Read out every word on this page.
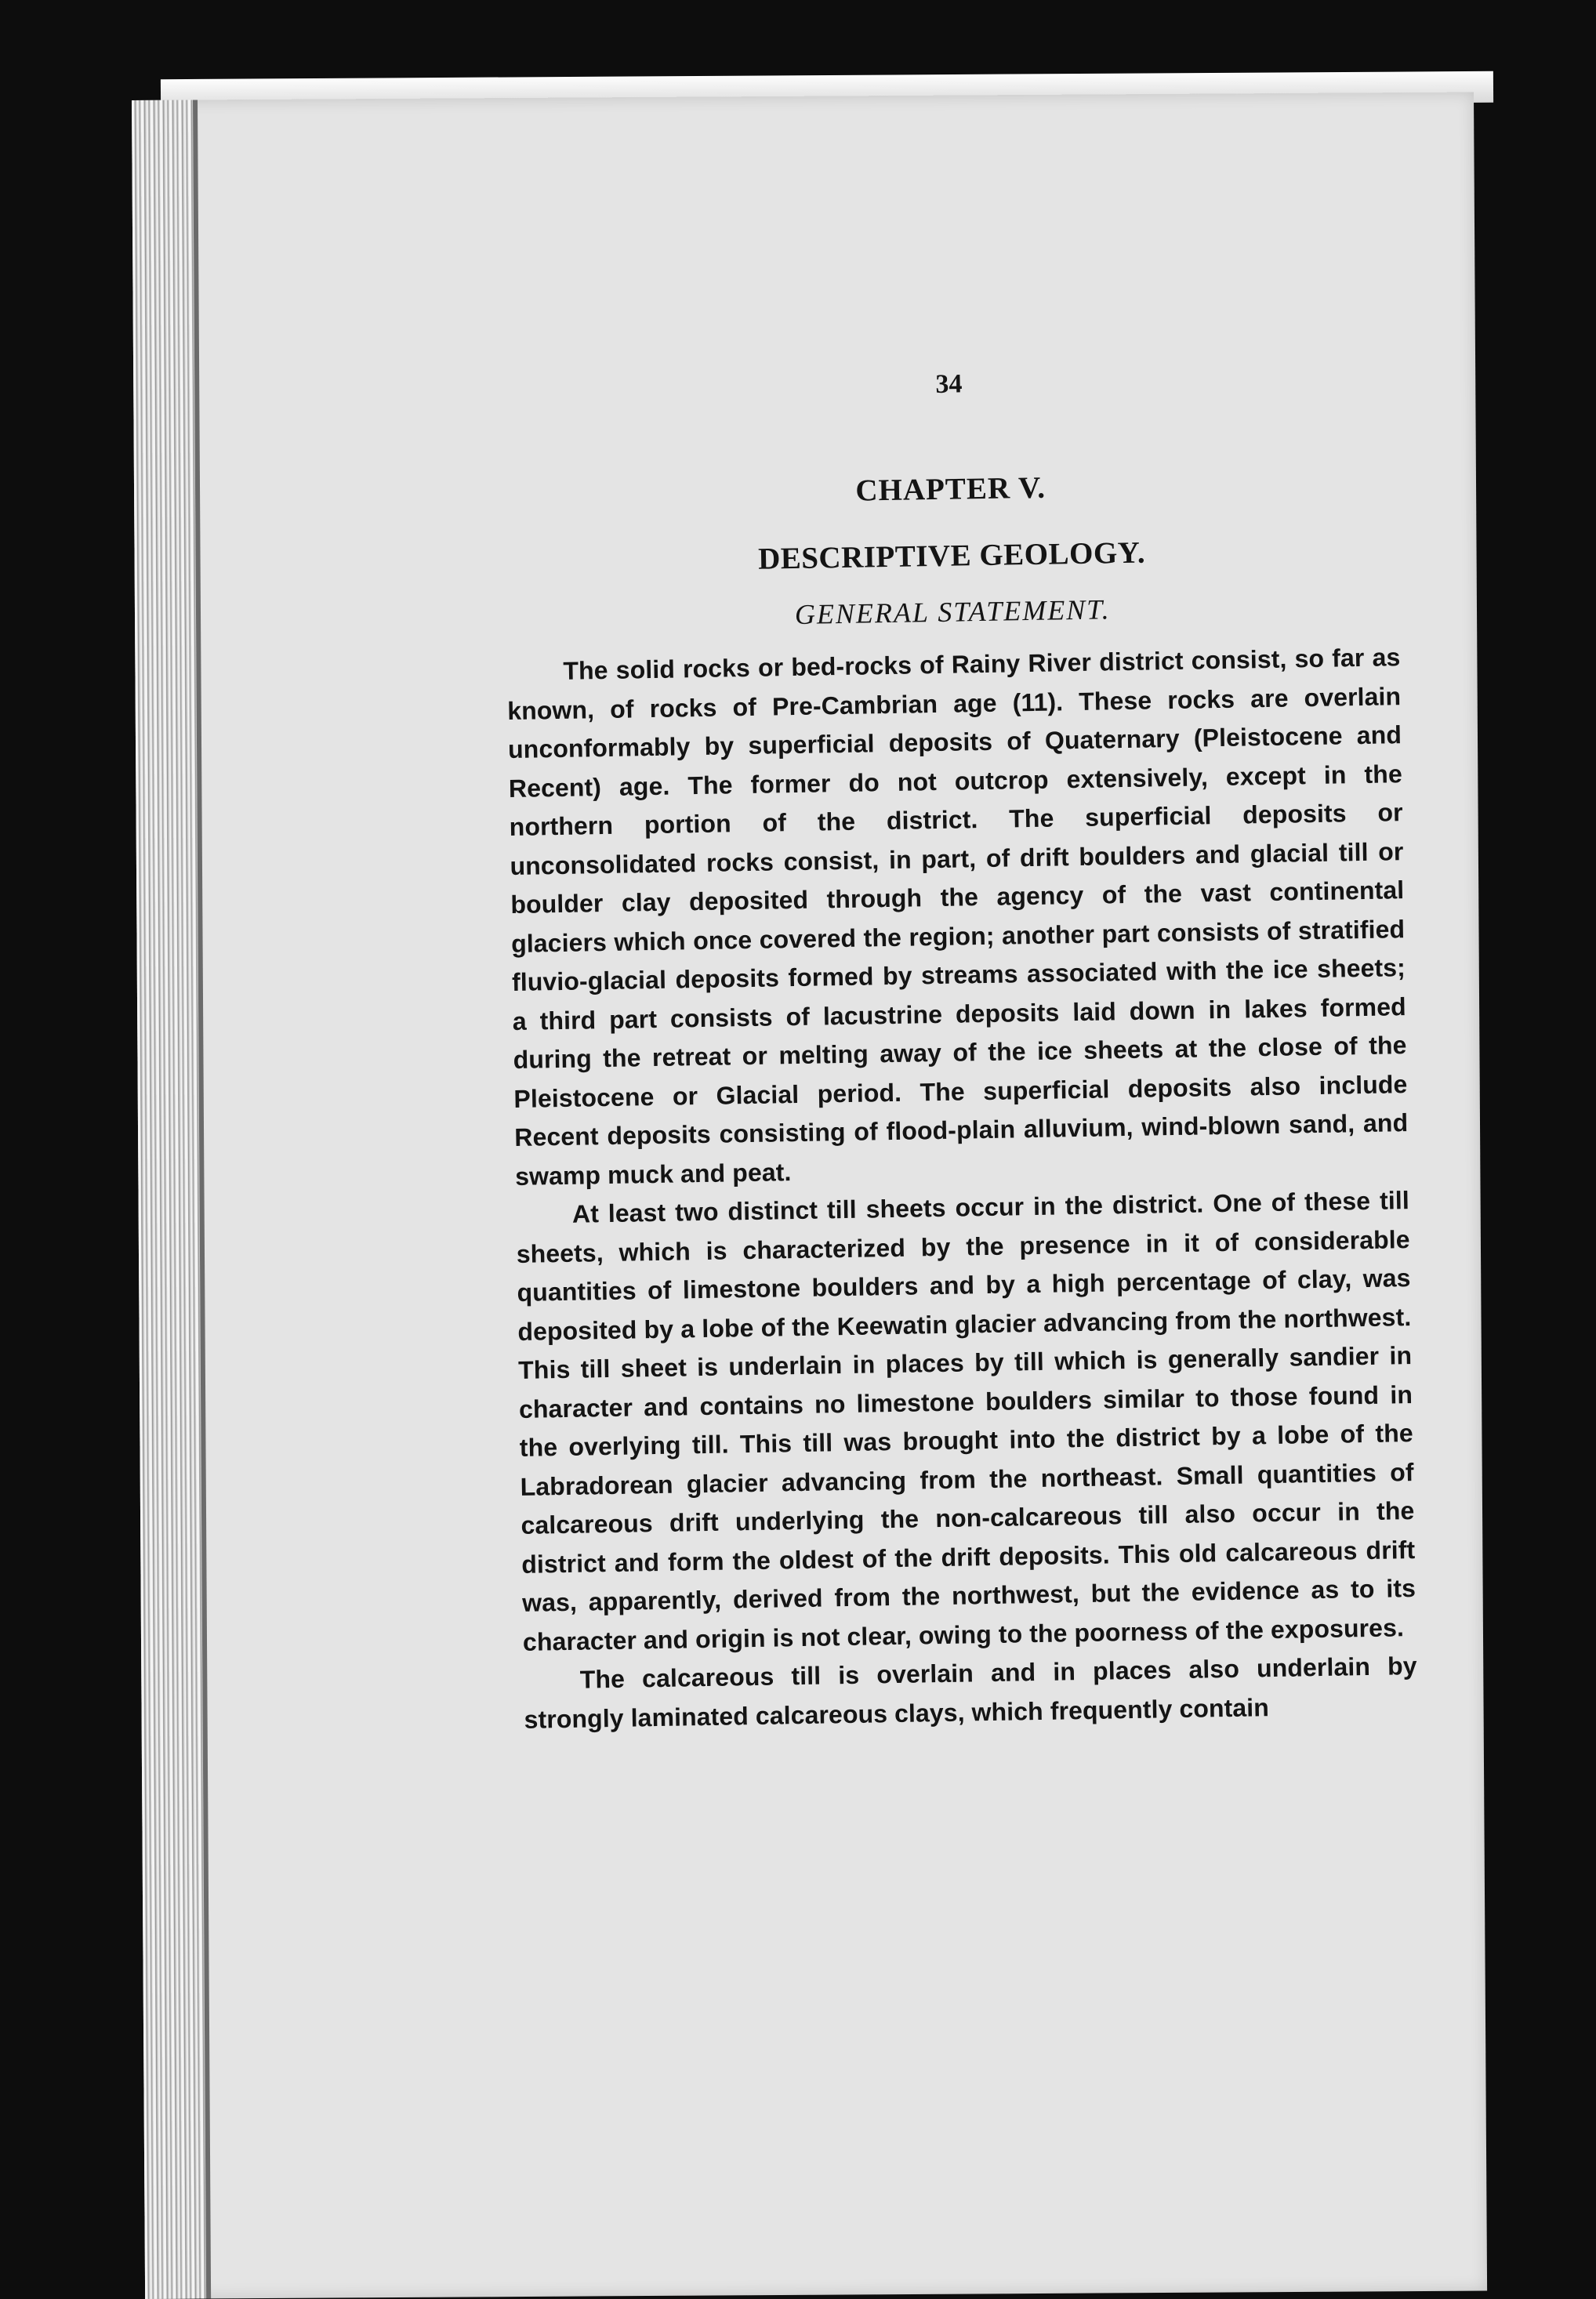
34
CHAPTER V.
DESCRIPTIVE GEOLOGY.
GENERAL STATEMENT.

The solid rocks or bed-rocks of Rainy River district consist, so far as known, of rocks of Pre-Cambrian age (11). These rocks are overlain unconformably by superficial deposits of Quaternary (Pleistocene and Recent) age. The former do not outcrop extensively, except in the northern portion of the district. The superficial deposits or unconsolidated rocks consist, in part, of drift boulders and glacial till or boulder clay deposited through the agency of the vast continental glaciers which once covered the region; another part consists of stratified fluvio-glacial deposits formed by streams associated with the ice sheets; a third part consists of lacustrine deposits laid down in lakes formed during the retreat or melting away of the ice sheets at the close of the Pleistocene or Glacial period. The superficial deposits also include Recent deposits consisting of flood-plain alluvium, wind-blown sand, and swamp muck and peat.

At least two distinct till sheets occur in the district. One of these till sheets, which is characterized by the presence in it of considerable quantities of limestone boulders and by a high percentage of clay, was deposited by a lobe of the Keewatin glacier advancing from the northwest. This till sheet is underlain in places by till which is generally sandier in character and contains no limestone boulders similar to those found in the overlying till. This till was brought into the district by a lobe of the Labradorean glacier advancing from the northeast. Small quantities of calcareous drift underlying the non-calcareous till also occur in the district and form the oldest of the drift deposits. This old calcareous drift was, apparently, derived from the northwest, but the evidence as to its character and origin is not clear, owing to the poorness of the exposures.

The calcareous till is overlain and in places also underlain by strongly laminated calcareous clays, which frequently contain
